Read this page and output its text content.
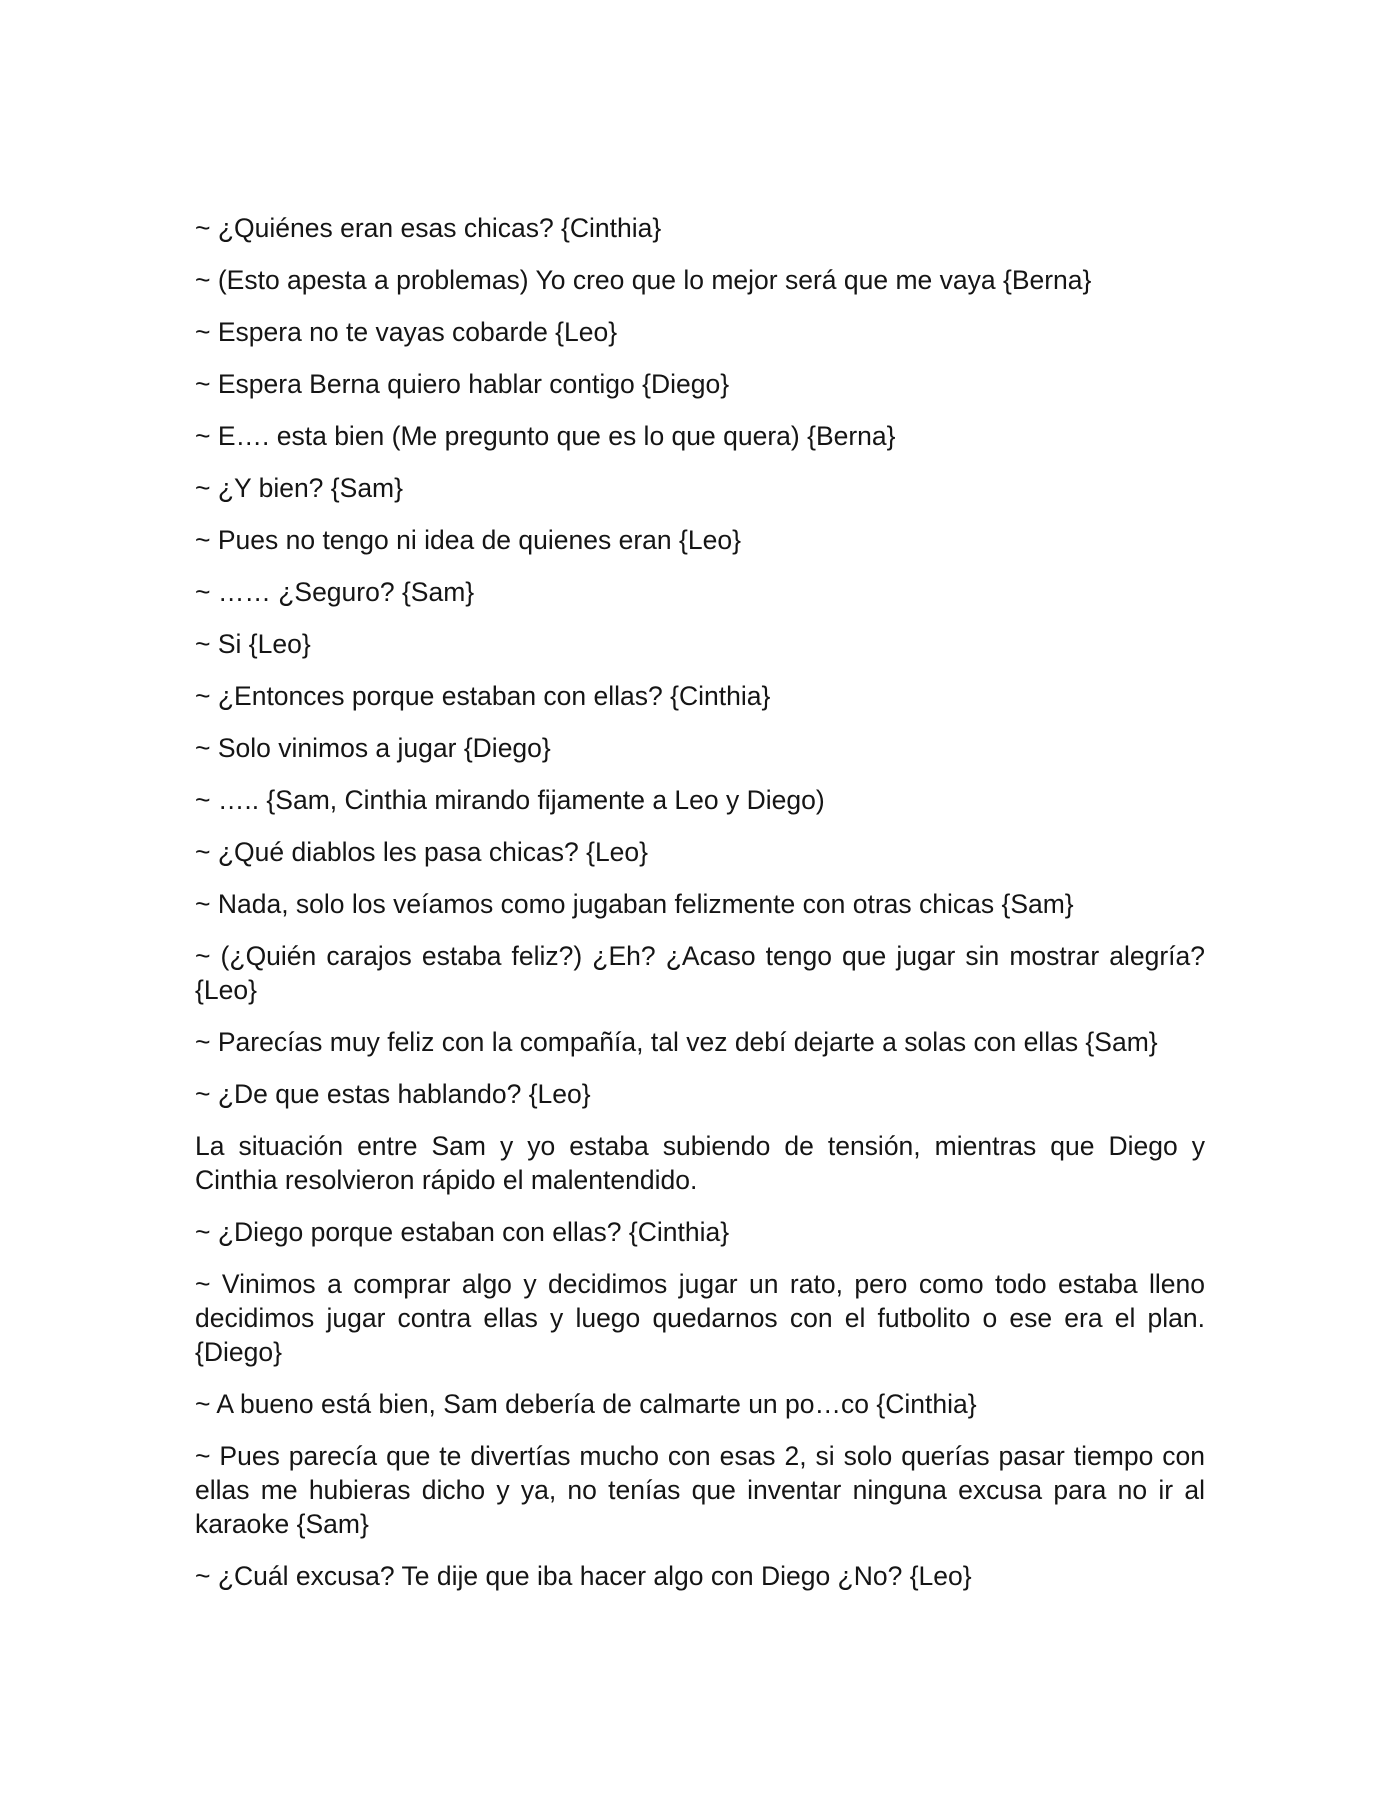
~ ¿Quiénes eran esas chicas? {Cinthia}

~ (Esto apesta a problemas) Yo creo que lo mejor será que me vaya {Berna}

~ Espera no te vayas cobarde {Leo}

~ Espera Berna quiero hablar contigo {Diego}

~ E…. esta bien (Me pregunto que es lo que quera) {Berna}

~ ¿Y bien? {Sam}

~ Pues no tengo ni idea de quienes eran {Leo}

~ …… ¿Seguro? {Sam}

~ Si {Leo}

~ ¿Entonces porque estaban con ellas? {Cinthia}

~ Solo vinimos a jugar {Diego}

~ ….. {Sam, Cinthia mirando fijamente a Leo y Diego)

~ ¿Qué diablos les pasa chicas? {Leo}

~ Nada, solo los veíamos como jugaban felizmente con otras chicas {Sam}

~ (¿Quién carajos estaba feliz?) ¿Eh? ¿Acaso tengo que jugar sin mostrar alegría? {Leo}

~ Parecías muy feliz con la compañía, tal vez debí dejarte a solas con ellas {Sam}

~ ¿De que estas hablando? {Leo}

La situación entre Sam y yo estaba subiendo de tensión, mientras que Diego y Cinthia resolvieron rápido el malentendido.

~ ¿Diego porque estaban con ellas? {Cinthia}

~ Vinimos a comprar algo y decidimos jugar un rato, pero como todo estaba lleno decidimos jugar contra ellas y luego quedarnos con el futbolito o ese era el plan. {Diego}

~ A bueno está bien, Sam debería de calmarte un po…co {Cinthia}

~ Pues parecía que te divertías mucho con esas 2, si solo querías pasar tiempo con ellas me hubieras dicho y ya, no tenías que inventar ninguna excusa para no ir al karaoke {Sam}

~ ¿Cuál excusa? Te dije que iba hacer algo con Diego ¿No? {Leo}
